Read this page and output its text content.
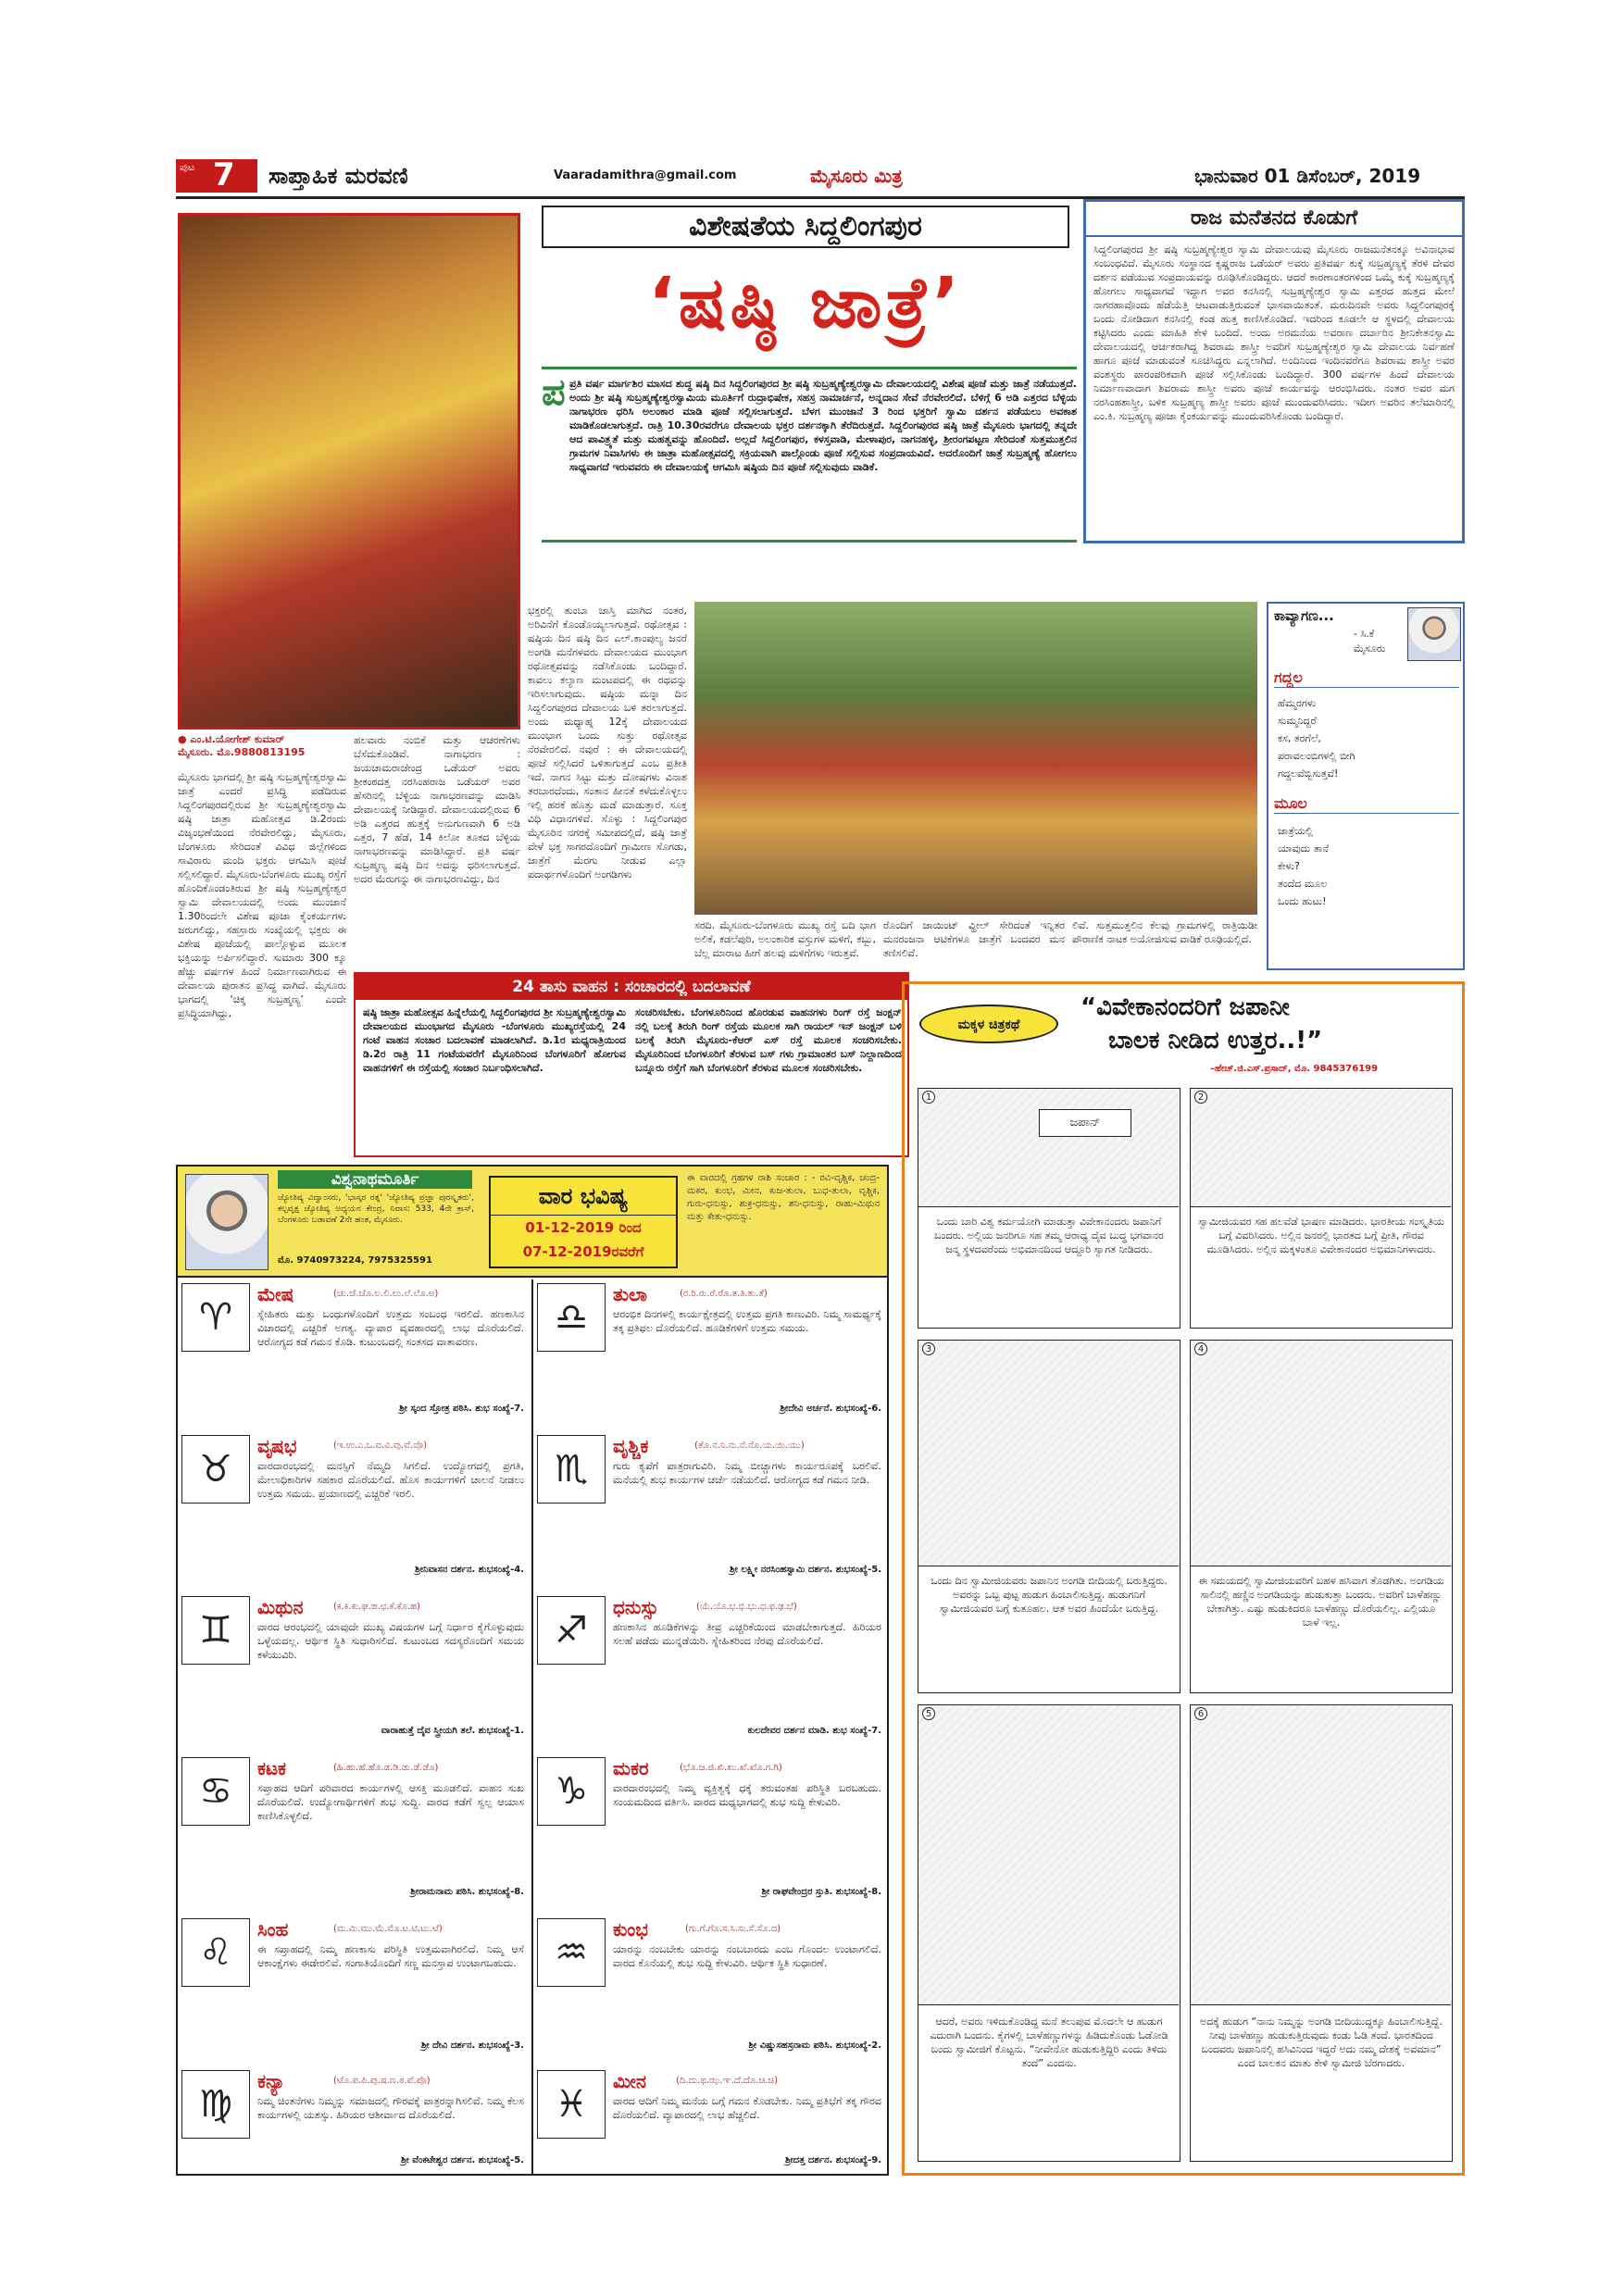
ಪುಟ 7 ಸಾಪ್ತಾಹಿಕ ಮರವಣಿ	Vaaradamithra@gmail.com	ಮೈಸೂರು ಮಿತ್ರ	ಭಾನುವಾರ 01 ಡಿಸೆಂಬರ್, 2019
ವಿಶೇಷತೆಯ ಸಿದ್ದಲಿಂಗಪುರ
‘ಷಷ್ಠಿ ಜಾತ್ರೆ’
ಪ ಪ್ರತಿ ವರ್ಷ ಮಾರ್ಗಶಿರ ಮಾಸದ ಶುದ್ಧ ಷಷ್ಠಿ ದಿನ ಸಿದ್ದಲಿಂಗಪುರದ ಶ್ರೀ ಷಷ್ಠಿ ಸುಬ್ರಹ್ಮಣ್ಯೇಶ್ವರಸ್ವಾಮಿ ದೇವಾಲಯದಲ್ಲಿ ವಿಶೇಷ ಪೂಜೆ ಮತ್ತು ಜಾತ್ರೆ ನಡೆಯುತ್ತದೆ. ಅಂದು ಶ್ರೀ ಷಷ್ಠಿ ಸುಬ್ರಹ್ಮಣ್ಯೇಶ್ವರಸ್ವಾಮಿಯ ಮೂರ್ತಿಗೆ ರುದ್ರಾಭಿಷೇಕ, ಸಹಸ್ರ ನಾಮಾರ್ಚನೆ, ಅನ್ನದಾನ ಸೇವೆ ನೆರವೇರಲಿದೆ. ಬೆಳಿಗ್ಗೆ 6 ಅಡಿ ಎತ್ತರದ ಬೆಳ್ಳಿಯ ನಾಗಾಭರಣ ಧರಿಸಿ ಅಲಂಕಾರ ಮಾಡಿ ಪೂಜೆ ಸಲ್ಲಿಸಲಾಗುತ್ತದೆ. ಬೆಳಗ ಮುಂಜಾನೆ 3 ರಿಂದ ಭಕ್ತರಿಗೆ ಸ್ವಾಮಿ ದರ್ಶನ ಪಡೆಯಲು ಅವಕಾಶ ಮಾಡಿಕೊಡಲಾಗುತ್ತದೆ. ರಾತ್ರಿ 10.30ರವರೆಗೂ ದೇವಾಲಯ ಭಕ್ತರ ದರ್ಶನಕ್ಕಾಗಿ ತೆರೆದಿರುತ್ತದೆ. ಸಿದ್ದಲಿಂಗಪುರದ ಷಷ್ಠಿ ಜಾತ್ರೆ ಮೈಸೂರು ಭಾಗದಲ್ಲಿ ತನ್ನದೇ ಆದ ಪಾವಿತ್ರ್ಯತೆ ಮತ್ತು ಮಹತ್ವವನ್ನು ಹೊಂದಿದೆ. ಅಲ್ಲದೆ ಸಿದ್ದಲಿಂಗಪುರ, ಕಳಸ್ತವಾಡಿ, ಮೇಳಾಪುರ, ನಾಗನಹಳ್ಳಿ, ಶ್ರೀರಂಗಪಟ್ಟಣ ಸೇರಿದಂತೆ ಸುತ್ತಮುತ್ತಲಿನ ಗ್ರಾಮಗಳ ನಿವಾಸಿಗಳು ಈ ಜಾತ್ರಾ ಮಹೋತ್ಸವದಲ್ಲಿ ಸಕ್ರಿಯವಾಗಿ ಪಾಲ್ಗೊಂಡು ಪೂಜೆ ಸಲ್ಲಿಸುವ ಸಂಪ್ರದಾಯವಿದೆ. ಅದರೊಂದಿಗೆ ಜಾತ್ರೆ ಸುಬ್ರಹ್ಮಣ್ಯೆ ಹೋಗಲು ಸಾಧ್ಯವಾಗದೆ ಇರುವವರು ಈ ದೇವಾಲಯಕ್ಕೆ ಆಗಮಿಸಿ ಷಷ್ಠಿಯ ದಿನ ಪೂಜೆ ಸಲ್ಲಿಸುವುದು ವಾಡಿಕೆ.
ರಾಜ ಮನೆತನದ ಕೊಡುಗೆ
ಸಿದ್ದಲಿಂಗಪುರದ ಶ್ರೀ ಷಷ್ಠಿ ಸುಬ್ರಹ್ಮಣ್ಯೇಶ್ವರ ಸ್ವಾಮಿ ದೇವಾಲಯವು ಮೈಸೂರು ರಾಜಮನೆತನಕ್ಕೂ ಅವಿನಾಭಾವ ಸಂಬಂಧವಿದೆ. ಮೈಸೂರು ಸಂಸ್ಥಾನದ ಕೃಷ್ಣರಾಜ ಒಡೆಯರ್ ಅವರು ಪ್ರತಿವರ್ಷ ಕುಕ್ಕೆ ಸುಬ್ರಹ್ಮಣ್ಯಕ್ಕೆ ತೆರಳಿ ದೇವರ ದರ್ಶನ ಪಡೆಯುವ ಸಂಪ್ರದಾಯವನ್ನು ರೂಢಿಸಿಕೊಂಡಿದ್ದರು. ಆದರೆ ಕಾರಣಾಂತರಗಳಿಂದ ಒಮ್ಮೆ ಕುಕ್ಕೆ ಸುಬ್ರಹ್ಮಣ್ಯಕ್ಕೆ ಹೋಗಲು ಸಾಧ್ಯವಾಗದೆ ಇದ್ದಾಗ ಅವರ ಕನಸಿನಲ್ಲಿ ಸುಬ್ರಹ್ಮಣ್ಯೇಶ್ವರ ಸ್ವಾಮಿ ಎತ್ತರದ ಹುತ್ತದ ಮೇಲೆ ನಾಗರಹಾವೊಂದು ಹೆಡೆಯೆತ್ತಿ ಆಟವಾಡುತ್ತಿರುವಂತೆ ಭಾಸವಾಯಿತಂತೆ. ಮರುದಿನವೇ ಅವರು ಸಿದ್ದಲಿಂಗಪುರಕ್ಕೆ ಬಂದು ನೋಡಿದಾಗ ಕನಸಿನಲ್ಲಿ ಕಂಡ ಹುತ್ತ ಕಾಣಿಸಿಕೊಂಡಿದೆ. ಇದರಿಂದ ಕೂಡಲೇ ಆ ಸ್ಥಳದಲ್ಲಿ ದೇವಾಲಯ ಕಟ್ಟಿಸಿದರು ಎಂದು ಮಾಹಿತಿ ಕೇಳಿ ಬಂದಿದೆ. ಅಂದು ಅರಮನೆಯ ಅವರಾಣ ದರ್ಬಾರಿನ ಶ್ರೀನಿಕೇತನಸ್ವಾಮಿ ದೇವಾಲಯದಲ್ಲಿ ಆರ್ಚಕರಾಗಿದ್ದ ಶಿವರಾಮ ಶಾಸ್ತ್ರೀ ಅವರಿಗೆ ಸುಬ್ರಹ್ಮಣ್ಯೇಶ್ವರ ಸ್ವಾಮಿ ದೇವಾಲಯ ನಿರ್ವಹಣೆ ಹಾಗೂ ಪೂಜೆ ಮಾಡುವಂತೆ ಸೂಚಿಸಿದ್ದರು ಎನ್ನಲಾಗಿದೆ. ಅಂದಿನಿಂದ ಇಂದಿನವರೆಗೂ ಶಿವರಾಮ ಶಾಸ್ತ್ರೀ ಅವರ ವಂಶಸ್ಥರು ಪಾರಂಪರಿಕವಾಗಿ ಪೂಜೆ ಸಲ್ಲಿಸಿಕೊಂಡು ಬಂದಿದ್ದಾರೆ. 300 ವರ್ಷಗಳ ಹಿಂದೆ ದೇವಾಲಯ ನಿರ್ಮಾಣವಾದಾಗ ಶಿವರಾಮ ಶಾಸ್ತ್ರೀ ಅವರು ಪೂಜೆ ಕಾರ್ಯವನ್ನು ಆರಂಭಿಸಿದರು. ನಂತರ ಅವರ ಮಗ ನರಸಿಂಹಶಾಸ್ತ್ರೀ, ಬಳಿಕ ಸುಬ್ರಹ್ಮಣ್ಯ ಶಾಸ್ತ್ರೀ ಅವರು ಪೂಜೆ ಮುಂದುವರಿಸಿದರು. ಇದೀಗ ಅವರಿನ ತಲೆಮಾರಿನಲ್ಲಿ ಎಂ.ಕಿ. ಸುಬ್ರಹ್ಮಣ್ಯ ಪೂಜಾ ಕೈಂಕರ್ಯವನ್ನು ಮುಂದುವರಿಸಿಕೊಂಡು ಬಂದಿದ್ದಾರೆ.
● ಎಂ.ಟಿ.ಯೋಗೇಶ್ ಕುಮಾರ್
ಮೈಸೂರು. ಮೊ.9880813195
ಮೈಸೂರು ಭಾಗದಲ್ಲಿ ಶ್ರೀ ಷಷ್ಠಿ ಸುಬ್ರಹ್ಮಣ್ಯೇಶ್ವರಸ್ವಾಮಿ ಜಾತ್ರೆ ಎಂದರೆ ಪ್ರಸಿದ್ಧಿ ಪಡೆದಿರುವ ಸಿದ್ದಲಿಂಗಪುರದಲ್ಲಿರುವ ಶ್ರೀ ಸುಬ್ರಹ್ಮಣ್ಯೇಶ್ವರಸ್ವಾಮಿ ಷಷ್ಠಿ ಜಾತ್ರಾ ಮಹೋತ್ಸವ ಡಿ.2ರಂದು ವಿಜೃಂಭಣೆಯಿಂದ ನೆರವೇರಲಿದ್ದು, ಮೈಸೂರು, ಬೆಂಗಳೂರು ಸೇರಿದಂತೆ ವಿವಿಧ ಜಿಲ್ಲೆಗಳಿಂದ ಸಾವಿರಾರು ಮಂದಿ ಭಕ್ತರು ಆಗಮಿಸಿ ಪೂಜೆ ಸಲ್ಲಿಸಲಿದ್ದಾರೆ. ಮೈಸೂರು-ಬೆಂಗಳೂರು ಮುಖ್ಯ ರಸ್ತೆಗೆ ಹೊಂದಿಕೊಂಡಂತಿರುವ ಶ್ರೀ ಷಷ್ಠಿ ಸುಬ್ರಹ್ಮಣ್ಯೇಶ್ವರ ಸ್ವಾಮಿ ದೇವಾಲಯದಲ್ಲಿ ಅಂದು ಮುಂಜಾನೆ 1.30ರಿಂದಲೇ ವಿಶೇಷ ಪೂಜಾ ಕೈಂಕರ್ಯಗಳು ಜರುಗಲಿದ್ದು, ಸಹಸ್ರಾರು ಸಂಖ್ಯೆಯಲ್ಲಿ ಭಕ್ತರು ಈ ವಿಶೇಷ ಪೂಜೆಯಲ್ಲಿ ಪಾಲ್ಗೊಳ್ಳುವ ಮೂಲಕ ಭಕ್ತಿಯನ್ನು ಅರ್ಪಿಸಲಿದ್ದಾರೆ. ಸುಮಾರು 300 ಕ್ಕೂ ಹೆಚ್ಚು ವರ್ಷಗಳ ಹಿಂದೆ ನಿರ್ಮಾಣವಾಗಿರುವ ಈ ದೇವಾಲಯ ಪುರಾತನ ಪ್ರಸಿದ್ಧ ವಾಗಿದೆ. ಮೈಸೂರು ಭಾಗದಲ್ಲಿ ‘ಚಿಕ್ಕ ಸುಬ್ರಹ್ಮಣ್ಯ’ ಎಂದೇ ಪ್ರಸಿದ್ಧಿಯಾಗಿದ್ದು,
ಹಲವಾರು ನಂಬಿಕೆ ಮತ್ತು ಆಚರಣೆಗಳು ಬೆಸೆದುಕೊಂಡಿವೆ. ನಾಗಾಭರಣ : ಜಯಚಾಮರಾಜೇಂದ್ರ ಒಡೆಯರ್ ಅವರು ಶ್ರೀಕಂಠದತ್ತ ನರಸಿಂಹರಾಜ ಒಡೆಯರ್ ಅವರ ಹೆಸರಿನಲ್ಲಿ ಬೆಳ್ಳಿಯ ನಾಗಾಭರಣವನ್ನು ಮಾಡಿಸಿ ದೇವಾಲಯಕ್ಕೆ ನೀಡಿದ್ದಾರೆ. ದೇವಾಲಯದಲ್ಲಿರುವ 6 ಅಡಿ ಎತ್ತರದ ಹುತ್ತಕ್ಕೆ ಅನುಗುಣವಾಗಿ 6 ಅಡಿ ಎತ್ತರ, 7 ಹೆಡೆ, 14 ಕಿಲೋ ತೂಕದ ಬೆಳ್ಳಿಯ ನಾಗಾಭರಣವನ್ನು ಮಾಡಿಸಿದ್ದಾರೆ. ಪ್ರತಿ ವರ್ಷ ಸುಬ್ರಹ್ಮಣ್ಯ ಷಷ್ಠಿ ದಿನ ಅದನ್ನು ಧರಿಸಲಾಗುತ್ತದೆ. ಅದರ ಮೆರುಗನ್ನು ಈ ನಾಗಾಭರಣವಿದ್ದು, ದಿನ
ಭಕ್ತರಲ್ಲಿ ತುಂಬಾ ಜಾಸ್ತಿ ಮಾಗಿದ ನಂತರ, ಅರಿವಿನೆಗೆ ಕೊಂಡೊಯ್ಯಲಾಗುತ್ತದೆ. ರಥೋತ್ಸವ : ಷಷ್ಠಿಯ ದಿನ ಷಷ್ಠಿ ದಿನ ಎಲ್.ಕಾಂಪುಲ್ಯ ಜನರೆ ಅಂಗಡಿ ಮನೆಗಳವರು ದೇವಾಲಯದ ಮುಂಭಾಗ ರಥೋತ್ಸವವನ್ನು ನಡೆಸಿಕೊಂಡು ಬಂದಿದ್ದಾರೆ. ಕಾವಲು ಕಲ್ಯಾಣ ಮಂಟಪದಲ್ಲಿ ಈ ರಥವನ್ನು ಇರಿಸಲಾಗುವುದು. ಷಷ್ಠಿಯ ಮನ್ನಾ ದಿನ ಸಿದ್ದಲಿಂಗಪುರದ ದೇವಾಲಯ ಬಳಿ ತರಲಾಗುತ್ತದೆ. ಅಂದು ಮಧ್ಯಾಹ್ನ 12ಕ್ಕೆ ದೇವಾಲಯದ ಮುಂಭಾಗ ಒಂದು ಸುತ್ತು ರಥೋತ್ಸವ ನೆರವೇರಲಿದೆ. ನವುರೆ : ಈ ದೇವಾಲಯದಲ್ಲಿ ಪೂಜೆ ಸಲ್ಲಿಸಿದರೆ ಒಳಿತಾಗುತ್ತದೆ ಎಂಬ ಪ್ರತೀತಿ ಇದೆ. ನಾಗನ ಸಿಟ್ಟು ಮತ್ತು ದೋಷಗಳು ವಿನಾಶ ತರಬಾರದೆಂದು, ಸಂತಾನ ಹೀನತೆ ಕಳೆದುಕೊಳ್ಳಲು ಇಲ್ಲಿ ಹರಕೆ ಹೊತ್ತು ಮಡೆ ಮಾಡುತ್ತಾರೆ. ಸೂಕ್ತ ವಿಧಿ ವಿಧಾನಗಳಿವೆ. ಸೊಳ್ಳು : ಸಿದ್ದಲಿಂಗಪುರ ಮೈಸೂರಿನ ನಗರಕ್ಕೆ ಸಮೀಪದಲ್ಲಿದೆ, ಷಷ್ಠಿ ಜಾತ್ರೆ ವೇಳೆ ಭಕ್ತ ಸಾಗರದೊಂದಿಗೆ ಗ್ರಾಮೀಣ ಸೊಗಡು, ಜಾತ್ರೆಗೆ ಮೆರಗು ನೀಡುವ ಎಲ್ಲಾ ಪದಾರ್ಥಗಳೊಂದಿಗೆ ಅಂಗಡಿಗಳು
ಸರದಿ. ಮೈಸೂರು-ಬೆಂಗಳೂರು ಮುಖ್ಯ ರಸ್ತೆ ಬದಿ ಭಾಗ ಅಲಿಕೆ, ಕಡಲೆಪುರಿ, ಅಲಂಕಾರಿಕ ವಸ್ತುಗಳ ಮಳಿಗೆ, ಕಬ್ಬು, ಬೆಲ್ಲ ಮಾರಾಟ ಹೀಗೆ ಹಲವು ಮಳಿಗೆಗಳು ಇರುತ್ತವೆ.
ರೊಂದಿಗೆ ಜಾಯಿಂಟ್ ವ್ಹೀಲ್ ಸೇರಿದಂತೆ ಇನ್ನಿತರ ಮನರಂಜನಾ ಆಟಿಕೆಗಳೂ ಜಾತ್ರೆಗೆ ಬಂದವರ ಮನ ತಣಿಸಲಿವೆ.
ಲಿವೆ. ಸುತ್ತಮುತ್ತಲಿನ ಕೆಲವು ಗ್ರಾಮಗಳಲ್ಲಿ ರಾತ್ರಿಯಿಡೀ ಪೌರಾಣಿಕ ನಾಟಕ ಅಯೋಜಿಸುವ ವಾಡಿಕೆ ರೂಢಿಯಲ್ಲಿದೆ.
ಕಾವ್ಯಾಗಣ...
- ಸಿ.ಕೆ
ಮೈಸೂರು
ಗದ್ದಲ
ಹೆಮ್ಮರಗಳು
ಸುಮ್ಮನಿದ್ದರೆ
ಕಸ, ತರಗೆಲೆ,
ಪರಾವಲಂಬಿಗಳಲ್ಲಿ ಬೀಗಿ
ಗದ್ದಲವೆಬ್ಬಿಸುತ್ತವೆ!
ಮೂಲ
ಜಾತ್ರೆಯಲ್ಲಿ
ಯಾವುದು ತಾನೆ
ಕೇಳು?
ತಂದೆದ ಮೂಲ
ಒಂದು ಹುಟು!
24 ತಾಸು ವಾಹನ : ಸಂಚಾರದಲ್ಲಿ ಬದಲಾವಣೆ
ಷಷ್ಠಿ ಜಾತ್ರಾ ಮಹೋತ್ಸವ ಹಿನ್ನೆಲೆಯಲ್ಲಿ ಸಿದ್ದಲಿಂಗಪುರದ ಶ್ರೀ ಸುಬ್ರಹ್ಮಣ್ಯೇಶ್ವರಸ್ವಾಮಿ ದೇವಾಲಯದ ಮುಂಭಾಗದ ಮೈಸೂರು -ಬೆಂಗಳೂರು ಮುಖ್ಯರಸ್ತೆಯಲ್ಲಿ 24 ಗಂಟೆ ವಾಹನ ಸಂಚಾರ ಬದಲಾವಣೆ ಮಾಡಲಾಗಿದೆ. ಡಿ.1ರ ಮಧ್ಯರಾತ್ರಿಯಿಂದ ಡಿ.2ರ ರಾತ್ರಿ 11 ಗಂಟೆಯವರೆಗೆ ಮೈಸೂರಿನಿಂದ ಬೆಂಗಳೂರಿಗೆ ಹೋಗುವ ವಾಹನಗಳಿಗೆ ಈ ರಸ್ತೆಯಲ್ಲಿ ಸಂಚಾರ ನಿರ್ಬಂಧಿಸಲಾಗಿದೆ.
ಸಂಚರಿಸಬೇಕು. ಬೆಂಗಳೂರಿನಿಂದ ಹೊರಡುವ ವಾಹನಗಳು ರಿಂಗ್ ರಸ್ತೆ ಜಂಕ್ಷನ್ ನಲ್ಲಿ ಬಲಕ್ಕೆ ತಿರುಗಿ ರಿಂಗ್ ರಸ್ತೆಯ ಮೂಲಕ ಸಾಗಿ ರಾಯಲ್ ಇನ್ ಜಂಕ್ಷನ್ ಬಳಿ ಬಲಕ್ಕೆ ತಿರುಗಿ ಮೈಸೂರು-ಕೆಆರ್ ಎಸ್ ರಸ್ತೆ ಮೂಲಕ ಸಂಚರಿಸಬೇಕು. ಮೈಸೂರಿನಿಂದ ಬೆಂಗಳೂರಿಗೆ ತೆರಳುವ ಬಸ್ ಗಳು ಗ್ರಾಮಾಂತರ ಬಸ್ ನಿಲ್ದಾಣದಿಂದ ಬನ್ನೂರು ರಸ್ತೆಗೆ ಸಾಗಿ ಬೆಂಗಳೂರಿಗೆ ತೆರಳುವ ಮೂಲಕ ಸಂಚರಿಸಬೇಕು.
ವಿಶ್ವನಾಥಮೂರ್ತಿ
ಜ್ಯೋತಿಷ್ಯ ವಿದ್ವಾಂಸರು, 'ಭಾಸ್ಕರ ರತ್ನ' 'ಜ್ಯೋತಿಷ್ಯ ಪ್ರಜ್ಞಾ ಪುರಸ್ಕೃತರು', ಕಲ್ಪವೃಕ್ಷ ಜ್ಯೋತಿಷ್ಯ ಅಧ್ಯಯನ ಕೇಂದ್ರ, ನಿವಾಸ: 533, 4ನೇ ಕ್ರಾಸ್, ಬೆಂಗಳೂರು ಬಡಾವಣೆ 2ನೇ ಹಂತ, ಮೈಸೂರು.
ಮೊ. 9740973224, 7975325591
ವಾರ ಭವಿಷ್ಯ
01-12-2019 ರಿಂದ
07-12-2019ರವರೆಗೆ
ಈ ವಾರದಲ್ಲಿ ಗ್ರಹಗಳ ರಾಶಿ ಸಂಚಾರ : - ರವಿ-ವೃಶ್ಚಿಕ, ಚಂದ್ರ-ಮಕರ, ಕುಂಭ, ಮೀನ, ಕುಜ-ತುಲಾ, ಬುಧ-ತುಲಾ, ವೃಶ್ಚಿಕ, ಗುರು-ಧನುಸ್ಸು, ಶುಕ್ರ-ಧನುಸ್ಸು, ಶನಿ-ಧನುಸ್ಸು, ರಾಹು-ಮಿಥುನ ಮತ್ತು ಕೇತು-ಧನುಸ್ಸು.
♈
ಮೇಷ	(ಚು.ಚೆ.ಚೊ.ಲ.ಲಿ.ಲು.ಲೆ.ಲೊ.ಅ)
ಸ್ನೇಹಿತರು ಮತ್ತು ಬಂಧುಗಳೊಂದಿಗೆ ಉತ್ತಮ ಸಂಬಂಧ ಇರಲಿದೆ. ಹಣಕಾಸಿನ ವಿಚಾರದಲ್ಲಿ ಎಚ್ಚರಿಕೆ ಅಗತ್ಯ. ವ್ಯಾಪಾರ ವ್ಯವಹಾರದಲ್ಲಿ ಲಾಭ ದೊರೆಯಲಿದೆ. ಆರೋಗ್ಯದ ಕಡೆ ಗಮನ ಕೊಡಿ. ಕುಟುಂಬದಲ್ಲಿ ಸಂತಸದ ವಾತಾವರಣ.
ಶ್ರೀ ಸ್ಕಂದ ಸ್ತೋತ್ರ ಪಠಿಸಿ. ಶುಭ ಸಂಖ್ಯೆ-7.
♉
ವೃಷಭ	(ಇ.ಉ.ಎ.ಒ.ವ.ವಿ.ವು.ವೆ.ವೊ)
ವಾರದಾರಂಭದಲ್ಲಿ ಮನಸ್ಸಿಗೆ ನೆಮ್ಮದಿ ಸಿಗಲಿದೆ. ಉದ್ಯೋಗದಲ್ಲಿ ಪ್ರಗತಿ, ಮೇಲಾಧಿಕಾರಿಗಳ ಸಹಕಾರ ದೊರೆಯಲಿದೆ. ಹೊಸ ಕಾರ್ಯಗಳಿಗೆ ಚಾಲನೆ ನೀಡಲು ಉತ್ತಮ ಸಮಯ. ಪ್ರಯಾಣದಲ್ಲಿ ಎಚ್ಚರಿಕೆ ಇರಲಿ.
ಶ್ರೀನಿವಾಸನ ದರ್ಶನ. ಶುಭಸಂಖ್ಯೆ-4.
♊
ಮಿಥುನ	(ಕ.ಕಿ.ಕು.ಘ.ಙ.ಛ.ಕೆ.ಕೊ.ಹ)
ವಾರದ ಆರಂಭದಲ್ಲಿ ಯಾವುದೇ ಮುಖ್ಯ ವಿಷಯಗಳ ಬಗ್ಗೆ ನಿರ್ಧಾರ ಕೈಗೊಳ್ಳುವುದು ಒಳ್ಳೆಯದಲ್ಲ. ಆರ್ಥಿಕ ಸ್ಥಿತಿ ಸುಧಾರಿಸಲಿದೆ. ಕುಟುಂಬದ ಸದಸ್ಯರೊಂದಿಗೆ ಸಮಯ ಕಳೆಯುವಿರಿ.
ವಾರಾಹುತ್ತೆ ದೈವ ಸ್ತ್ರೀಯಗಿ ತಲೆ. ಶುಭಸಂಖ್ಯೆ-1.
♋
ಕಟಕ	(ಹಿ.ಹು.ಹೆ.ಹೊ.ಡ.ಡಿ.ಡು.ಡೆ.ಡೊ)
ಸಪ್ತಾಹದ ಆದಿಗೆ ಪರಿವಾರದ ಕಾರ್ಯಗಳಲ್ಲಿ ಆಸಕ್ತಿ ಮೂಡಲಿದೆ. ವಾಹನ ಸುಖ ದೊರೆಯಲಿದೆ. ಉದ್ಯೋಗಾರ್ಥಿಗಳಿಗೆ ಶುಭ ಸುದ್ದಿ. ವಾರದ ಕಡೆಗೆ ಸ್ವಲ್ಪ ಆಯಾಸ ಕಾಣಿಸಿಕೊಳ್ಳಲಿದೆ.
ಶ್ರೀರಾಮನಾಮ ಪಠಿಸಿ. ಶುಭಸಂಖ್ಯೆ-8.
♌
ಸಿಂಹ	(ಮ.ಮಿ.ಮು.ಮೆ.ಮೊ.ಟ.ಟಿ.ಟು.ಟೆ)
ಈ ಸಪ್ತಾಹದಲ್ಲಿ ನಿಮ್ಮ ಹಣಕಾಸು ಪರಿಸ್ಥಿತಿ ಉತ್ತಮವಾಗಿರಲಿದೆ. ನಿಮ್ಮ ಆಸೆ ಆಕಾಂಕ್ಷೆಗಳು ಈಡೇರಲಿವೆ. ಸಂಗಾತಿಯೊಂದಿಗೆ ಸಣ್ಣ ಮನಸ್ತಾಪ ಉಂಟಾಗಬಹುದು.
ಶ್ರೀ ದೇವಿ ದರ್ಶನ. ಶುಭಸಂಖ್ಯೆ-3.
♍
ಕನ್ಯಾ	(ಟೊ.ಪ.ಪಿ.ಪು.ಷ.ಣ.ಠ.ಪೆ.ಪೊ)
ನಿಮ್ಮ ಚಿಂತನೆಗಳು ನಿಮ್ಮನ್ನು ಸಮಾಜದಲ್ಲಿ ಗೌರವಕ್ಕೆ ಪಾತ್ರರನ್ನಾಗಿಸಲಿವೆ. ನಿಮ್ಮ ಕೆಲಸ ಕಾರ್ಯಗಳಲ್ಲಿ ಯಶಸ್ಸು. ಹಿರಿಯರ ಆಶೀರ್ವಾದ ದೊರೆಯಲಿದೆ.
ಶ್ರೀ ವೆಂಕಟೇಶ್ವರ ದರ್ಶನ. ಶುಭಸಂಖ್ಯೆ-5.
♎
ತುಲಾ	(ರ.ರಿ.ರು.ರೆ.ರೊ.ತ.ತಿ.ತು.ತೆ)
ಆರಂಭಿಕ ದಿನಗಳಲ್ಲಿ ಕಾರ್ಯಕ್ಷೇತ್ರದಲ್ಲಿ ಉತ್ತಮ ಪ್ರಗತಿ ಕಾಣುವಿರಿ. ನಿಮ್ಮ ಸಾಮರ್ಥ್ಯಕ್ಕೆ ತಕ್ಕ ಪ್ರತಿಫಲ ದೊರೆಯಲಿದೆ. ಹೂಡಿಕೆಗಳಿಗೆ ಉತ್ತಮ ಸಮಯ.
ಶ್ರೀದೇವಿ ಅರ್ಚನೆ. ಶುಭಸಂಖ್ಯೆ-6.
♏
ವೃಶ್ಚಿಕ	(ತೊ.ನ.ನಿ.ನು.ನೆ.ನೊ.ಯ.ಯಿ.ಯು)
ಗುರು ಕೃಪೆಗೆ ಪಾತ್ರರಾಗುವಿರಿ. ನಿಮ್ಮ ಬೀಚ್ಚಾಗಳು ಕಾರ್ಯರೂಪಕ್ಕೆ ಬರಲಿವೆ. ಮನೆಯಲ್ಲಿ ಶುಭ ಕಾರ್ಯಗಳ ಚರ್ಚೆ ನಡೆಯಲಿದೆ. ಆರೋಗ್ಯದ ಕಡೆ ಗಮನ ನೀಡಿ.
ಶ್ರೀ ಲಕ್ಷ್ಮೀ ನರಸಿಂಹಸ್ವಾಮಿ ದರ್ಶನ. ಶುಭಸಂಖ್ಯೆ-5.
♐
ಧನುಸ್ಸು	(ಯೆ.ಯೊ.ಭ.ಭಿ.ಭು.ಧ.ಫ.ಢ.ಭೆ)
ಹಣಕಾಸಿನ ಹೂಡಿಕೆಗಳನ್ನು ತೀವ್ರ ಎಚ್ಚರಿಕೆಯಿಂದ ಮಾಡಬೇಕಾಗುತ್ತದೆ. ಹಿರಿಯರ ಸಲಹೆ ಪಡೆದು ಮುನ್ನಡೆಯಿರಿ. ಸ್ನೇಹಿತರಿಂದ ನೆರವು ದೊರೆಯಲಿದೆ.
ಕುಲದೇವರ ದರ್ಶನ ಮಾಡಿ. ಶುಭ ಸಂಖ್ಯೆ-7.
♑
ಮಕರ	(ಭೊ.ಜ.ಜಿ.ಖಿ.ಖು.ಖೆ.ಖೊ.ಗ.ಗಿ)
ವಾರದಾರಂಭದಲ್ಲಿ ನಿಮ್ಮ ವ್ಯಕ್ತಿತ್ವಕ್ಕೆ ಧಕ್ಕೆ ತರುವಂತಹ ಪರಿಸ್ಥಿತಿ ಬರಬಹುದು. ಸಂಯಮದಿಂದ ವರ್ತಿಸಿ. ವಾರದ ಮಧ್ಯಭಾಗದಲ್ಲಿ ಶುಭ ಸುದ್ದಿ ಕೇಳುವಿರಿ.
ಶ್ರೀ ರಾಘವೇಂದ್ರರ ಸ್ತುತಿ. ಶುಭಸಂಖ್ಯೆ-8.
♒
ಕುಂಭ	(ಗು.ಗೆ.ಗೊ.ಸ.ಸಿ.ಸು.ಸೆ.ಸೊ.ದ)
ಯಾರನ್ನು ನಂಬಬೇಕು ಯಾರನ್ನು ನಂಬಬಾರದು ಎಂಬ ಗೊಂದಲ ಉಂಟಾಗಲಿದೆ. ವಾರದ ಕೊನೆಯಲ್ಲಿ ಶುಭ ಸುದ್ದಿ ಕೇಳುವಿರಿ. ಆರ್ಥಿಕ ಸ್ಥಿತಿ ಸುಧಾರಣೆ.
ಶ್ರೀ ವಿಷ್ಣುಸಹಸ್ರನಾಮ ಪಠಿಸಿ. ಶುಭಸಂಖ್ಯೆ-2.
♓
ಮೀನ	(ದಿ.ದು.ಥ.ಝ.ಞ.ದೆ.ದೊ.ಚ.ಚಿ)
ವಾರದ ಆದಿಗೆ ನಿಮ್ಮ ಮನೆಯ ಬಗ್ಗೆ ಗಮನ ಕೊಡಬೇಕು. ನಿಮ್ಮ ಪ್ರತಿಭೆಗೆ ತಕ್ಕ ಗೌರವ ದೊರೆಯಲಿದೆ. ವ್ಯಾಪಾರದಲ್ಲಿ ಲಾಭ ಹೆಚ್ಚಲಿದೆ.
ಶ್ರೀದತ್ತ ದರ್ಶನ. ಶುಭಸಂಖ್ಯೆ-9.
ಮಕ್ಕಳ ಚಿತ್ರಕಥೆ
“ವಿವೇಕಾನಂದರಿಗೆ ಜಪಾನೀ
ಬಾಲಕ ನೀಡಿದ ಉತ್ತರ..!”
–ಹೇಚ್.ಜಿ.ಎಸ್.ಪ್ರಸಾದ್, ಮೊ. 9845376199
ಜಪಾನ್
1
ಒಂದು ಬಾರಿ ವಿಶ್ವ ಕರ್ಮಯೋಗಿ ಮಾಡುತ್ತಾ ವಿವೇಕಾನಂದರು ಜಪಾನಿಗೆ ಬಂದರು. ಅಲ್ಲಿಯ ಜನರಿಗೂ ಸಹ ತಮ್ಮ ಆರಾಧ್ಯ ದೈವ ಬುದ್ಧ ಭಗವಾನರ ಜನ್ಮ ಸ್ಥಳದವರೆಂದು ಅಭಿಮಾನದಿಂದ ಆದ್ದೂರಿ ಸ್ವಾಗತ ನೀಡಿದರು.
2
ಸ್ವಾಮೀಜಿಯವರ ಸಹ ಹಲವೆಡೆ ಭಾಷಣ ಮಾಡಿದರು. ಭಾರತೀಯ ಸಂಸ್ಕೃತಿಯ ಬಗ್ಗೆ ವಿವರಿಸಿದರು. ಅಲ್ಲಿನ ಜನರಲ್ಲಿ ಭಾರತದ ಬಗ್ಗೆ ಪ್ರೀತಿ, ಗೌರವ ಮೂಡಿಸಿದರು. ಅಲ್ಲಿನ ಮಕ್ಕಳಂತೂ ವಿವೇಕಾನಂದರ ಅಭಿಮಾನಿಗಳಾದರು.
3
ಒಂದು ದಿನ ಸ್ವಾಮೀಜಿಯವರು ಜಪಾನಿನ ಅಂಗಡಿ ಬೀದಿಯಲ್ಲಿ ಬರುತ್ತಿದ್ದರು. ಅವರನ್ನು ಒಬ್ಬ ಪುಟ್ಟ ಹುಡುಗ ಹಿಂಬಾಲಿಸುತ್ತಿದ್ದ. ಹುಡುಗನಿಗೆ ಸ್ವಾಮೀಜಿಯವರ ಬಗ್ಗೆ ಕುತೂಹಲ. ಆತ ಅವರ ಹಿಂದೆಯೇ ಬರುತ್ತಿದ್ದ.
4
ಈ ಸಮಯದಲ್ಲಿ ಸ್ವಾಮೀಜಿಯವರಿಗೆ ಬಹಳ ಹಸಿವಾಗ ತೊಡಗಿತು. ಅಂಗಡಿಯ ಸಾಲಿನಲ್ಲಿ ಹಣ್ಣಿನ ಅಂಗಡಿಯನ್ನು ಹುಡುಕುತ್ತಾ ಬಂದರು. ಅವರಿಗೆ ಬಾಳೆಹಣ್ಣು ಬೇಕಾಗಿತ್ತು. ಎಷ್ಟು ಹುಡುಕಿದರೂ ಬಾಳೆಹಣ್ಣು ದೊರೆಯಲಿಲ್ಲ. ಎಲ್ಲಿಯೂ ಬಾಳೆ ಇಲ್ಲ.
5
ಆದರೆ, ಅವರು ಇಳಿದುಕೊಂಡಿದ್ದ ಮನೆ ತಲುಪುವ ಮೊದಲೇ ಆ ಹುಡುಗ ಎದುರಾಗಿ ಬಂದನು. ಕೈಗಳಲ್ಲಿ ಬಾಳೆಹಣ್ಣುಗಳನ್ನು ಹಿಡಿದುಕೊಂಡು ಓಡೋಡಿ ಬಂದು ಸ್ವಾಮೀಜಿಗೆ ಕೊಟ್ಟನು. “ನೀವೇನೋ ಹುಡುಕುತ್ತಿದ್ದಿರಿ ಎಂದು ತಿಳಿದು ತಂದೆ” ಎಂದನು.
6
ಅದಕ್ಕೆ ಹುಡುಗ “ನಾನು ನಿಮ್ಮನ್ನು ಅಂಗಡಿ ಬೀದಿಯುದ್ದಕ್ಕೂ ಹಿಂಬಾಲಿಸುತ್ತಿದ್ದೆ. ನೀವು ಬಾಳೆಹಣ್ಣು ಹುಡುಕುತ್ತಿರುವುದು ಕಂಡು ಓಡಿ ತಂದೆ. ಭಾರತದಿಂದ ಬಂದವರು ಜಪಾನಿನಲ್ಲಿ ಹಸಿವಿನಿಂದ ಇದ್ದರೆ ಅದು ನಮ್ಮ ದೇಶಕ್ಕೆ ಅವಮಾನ” ಎಂದ ಬಾಲಕನ ಮಾತು ಕೇಳಿ ಸ್ವಾಮೀಜಿ ಬೆರಗಾದರು.
